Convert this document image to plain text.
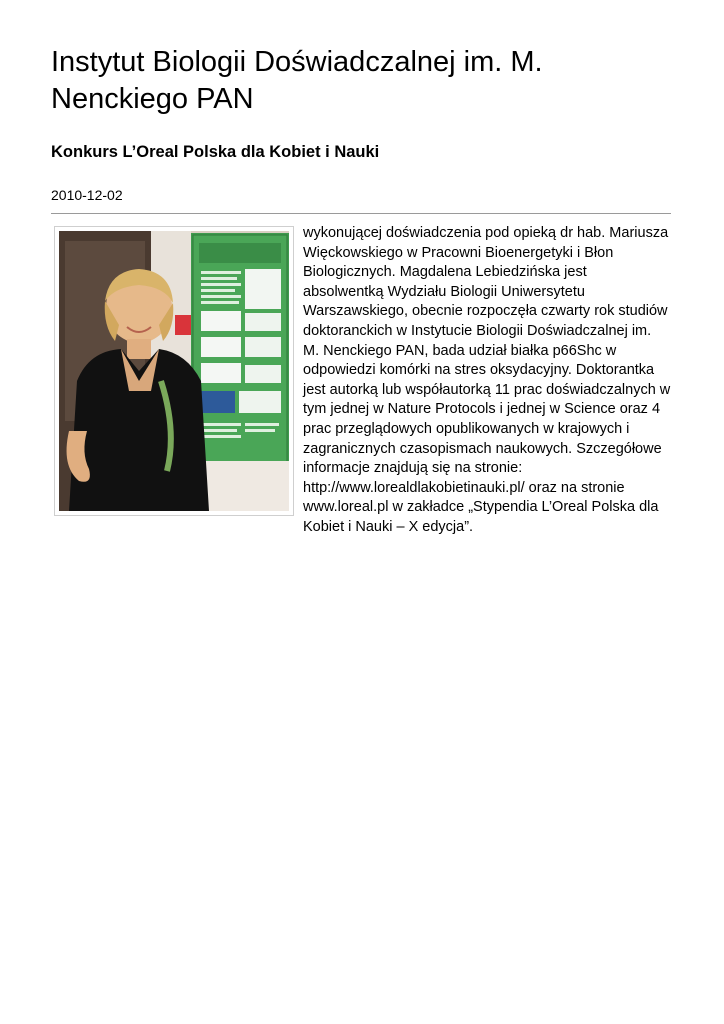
Instytut Biologii Doświadczalnej im. M. Nenckiego PAN
Konkurs L’Oreal Polska dla Kobiet i Nauki
2010-12-02

wykonującej doświadczenia pod opieką dr hab. Mariusza Więckowskiego w Pracowni Bioenergetyki i Błon Biologicznych. Magdalena Lebiedzińska jest absolwentką Wydziału Biologii Uniwersytetu Warszawskiego, obecnie rozpoczęła czwarty rok studiów doktoranckich w Instytucie Biologii Doświadczalnej im. M. Nenckiego PAN, bada udział białka p66Shc w odpowiedzi komórki na stres oksydacyjny. Doktorantka jest autorką lub współautorką 11 prac doświadczalnych w tym jednej w Nature Protocols i jednej w Science oraz 4 prac przeglądowych opublikowanych w krajowych i zagranicznych czasopismach naukowych. Szczegółowe informacje znajdują się na stronie: http://www.lorealdlakobietinauki.pl/ oraz na stronie www.loreal.pl w zakładce „Stypendia L’Oreal Polska dla Kobiet i Nauki – X edycja”.
